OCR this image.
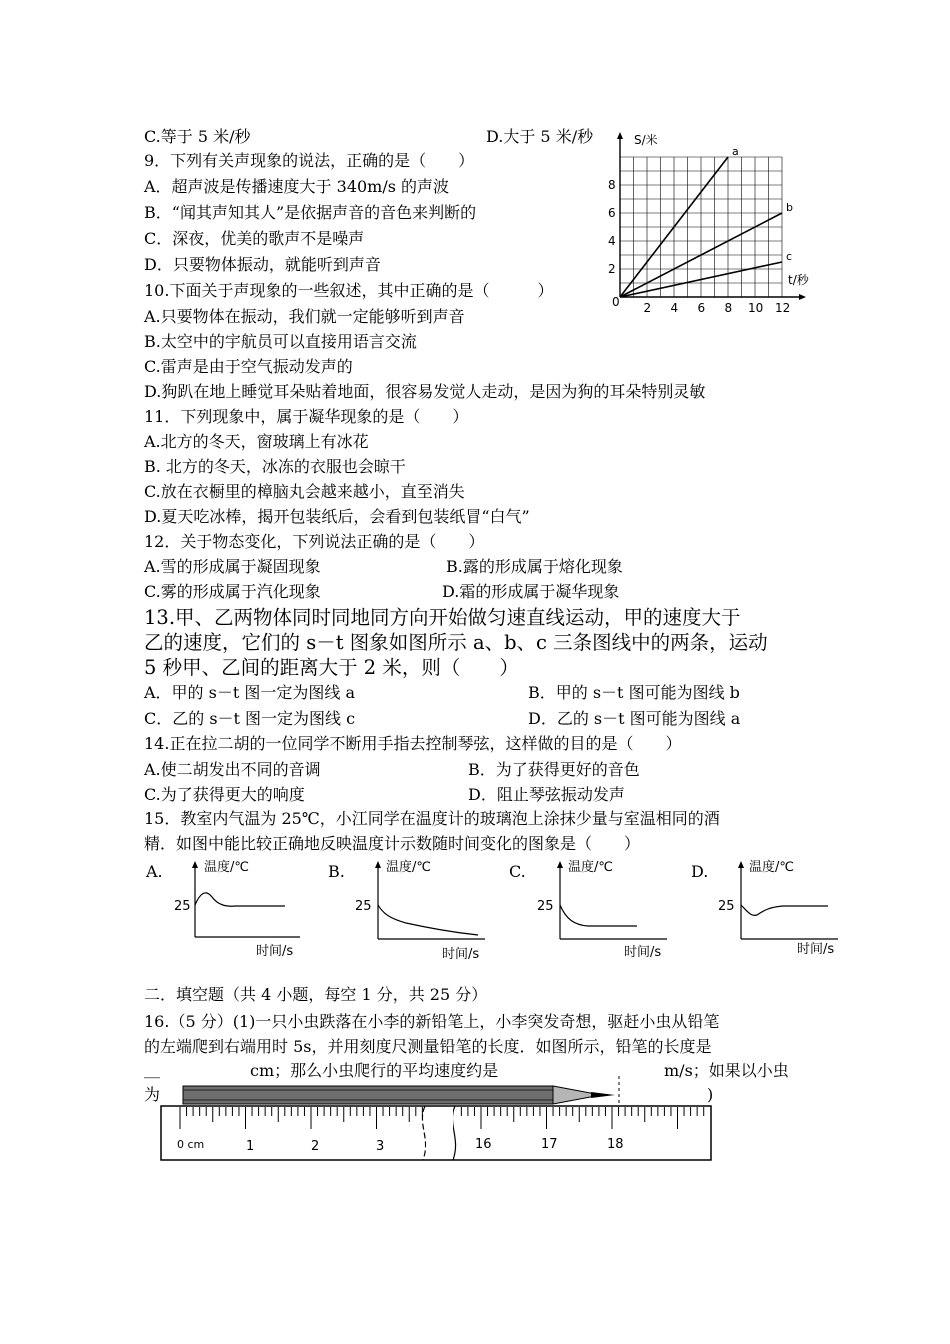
C.等于 5 米/秒	D.大于 5 米/秒
9．下列有关声现象的说法，正确的是（　　）
A．超声波是传播速度大于 340m/s 的声波
B．“闻其声知其人”是依据声音的音色来判断的
C．深夜，优美的歌声不是噪声
D．只要物体振动，就能听到声音
10.下面关于声现象的一些叙述，其中正确的是（　　　）
A.只要物体在振动，我们就一定能够听到声音
B.太空中的宇航员可以直接用语言交流
C.雷声是由于空气振动发声的
D.狗趴在地上睡觉耳朵贴着地面，很容易发觉人走动，是因为狗的耳朵特别灵敏
11．下列现象中，属于凝华现象的是（　　）
A.北方的冬天，窗玻璃上有冰花
B. 北方的冬天，冰冻的衣服也会晾干
C.放在衣橱里的樟脑丸会越来越小，直至消失
D.夏天吃冰棒，揭开包装纸后，会看到包装纸冒“白气”
12．关于物态变化，下列说法正确的是（　　）
A.雪的形成属于凝固现象	B.露的形成属于熔化现象
C.雾的形成属于汽化现象	D.霜的形成属于凝华现象
13.甲、乙两物体同时同地同方向开始做匀速直线运动，甲的速度大于
乙的速度，它们的 s－t 图象如图所示 a、b、c 三条图线中的两条，运动
5 秒甲、乙间的距离大于 2 米，则（　　）
A．甲的 s－t 图一定为图线 a	B．甲的 s－t 图可能为图线 b
C．乙的 s－t 图一定为图线 c	D．乙的 s－t 图可能为图线 a
14.正在拉二胡的一位同学不断用手指去控制琴弦，这样做的目的是（　　）
A.使二胡发出不同的音调	B．为了获得更好的音色
C.为了获得更大的响度	D．阻止琴弦振动发声
15．教室内气温为 25℃，小江同学在温度计的玻璃泡上涂抹少量与室温相同的酒
精．如图中能比较正确地反映温度计示数随时间变化的图象是（　　）
A.	B.	C.	D.
温度/℃
25
时间/s
温度/℃
25
时间/s
温度/℃
25
时间/s
温度/℃
25
时间/s
二．填空题（共 4 小题，每空 1 分，共 25 分）
16.（5 分）(1)一只小虫跌落在小李的新铅笔上，小李突发奇想，驱赶小虫从铅笔
的左端爬到右端用时 5s，并用刻度尺测量铅笔的长度．如图所示，铅笔的长度是
＿	cm；那么小虫爬行的平均速度约是	m/s；如果以小虫
为	)
0 cm	1	2	3	16	17	18
2 4 6 8 10 12
2
4
6
8
a
b
c
S/米
t/秒
0
